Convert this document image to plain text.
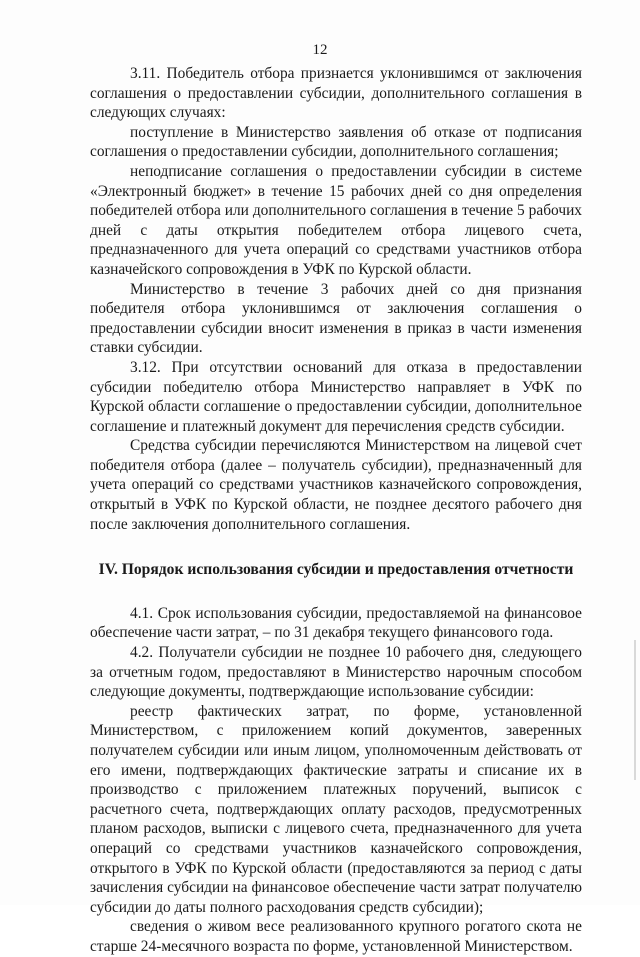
12

3.11. Победитель отбора признается уклонившимся от заключения соглашения о предоставлении субсидии, дополнительного соглашения в следующих случаях:

поступление в Министерство заявления об отказе от подписания соглашения о предоставлении субсидии, дополнительного соглашения;

неподписание соглашения о предоставлении субсидии в системе «Электронный бюджет» в течение 15 рабочих дней со дня определения победителей отбора или дополнительного соглашения в течение 5 рабочих дней с даты открытия победителем отбора лицевого счета, предназначенного для учета операций со средствами участников отбора казначейского сопровождения в УФК по Курской области.

Министерство в течение 3 рабочих дней со дня признания победителя отбора уклонившимся от заключения соглашения о предоставлении субсидии вносит изменения в приказ в части изменения ставки субсидии.

3.12. При отсутствии оснований для отказа в предоставлении субсидии победителю отбора Министерство направляет в УФК по Курской области соглашение о предоставлении субсидии, дополнительное соглашение и платежный документ для перечисления средств субсидии.

Средства субсидии перечисляются Министерством на лицевой счет победителя отбора (далее – получатель субсидии), предназначенный для учета операций со средствами участников казначейского сопровождения, открытый в УФК по Курской области, не позднее десятого рабочего дня после заключения дополнительного соглашения.

IV. Порядок использования субсидии и предоставления отчетности

4.1. Срок использования субсидии, предоставляемой на финансовое обеспечение части затрат, – по 31 декабря текущего финансового года.

4.2. Получатели субсидии не позднее 10 рабочего дня, следующего за отчетным годом, предоставляют в Министерство нарочным способом следующие документы, подтверждающие использование субсидии:

реестр фактических затрат, по форме, установленной Министерством, с приложением копий документов, заверенных получателем субсидии или иным лицом, уполномоченным действовать от его имени, подтверждающих фактические затраты и списание их в производство с приложением платежных поручений, выписок с расчетного счета, подтверждающих оплату расходов, предусмотренных планом расходов, выписки с лицевого счета, предназначенного для учета операций со средствами участников казначейского сопровождения, открытого в УФК по Курской области (предоставляются за период с даты зачисления субсидии на финансовое обеспечение части затрат получателю субсидии до даты полного расходования средств субсидии);

сведения о живом весе реализованного крупного рогатого скота не старше 24-месячного возраста по форме, установленной Министерством.
